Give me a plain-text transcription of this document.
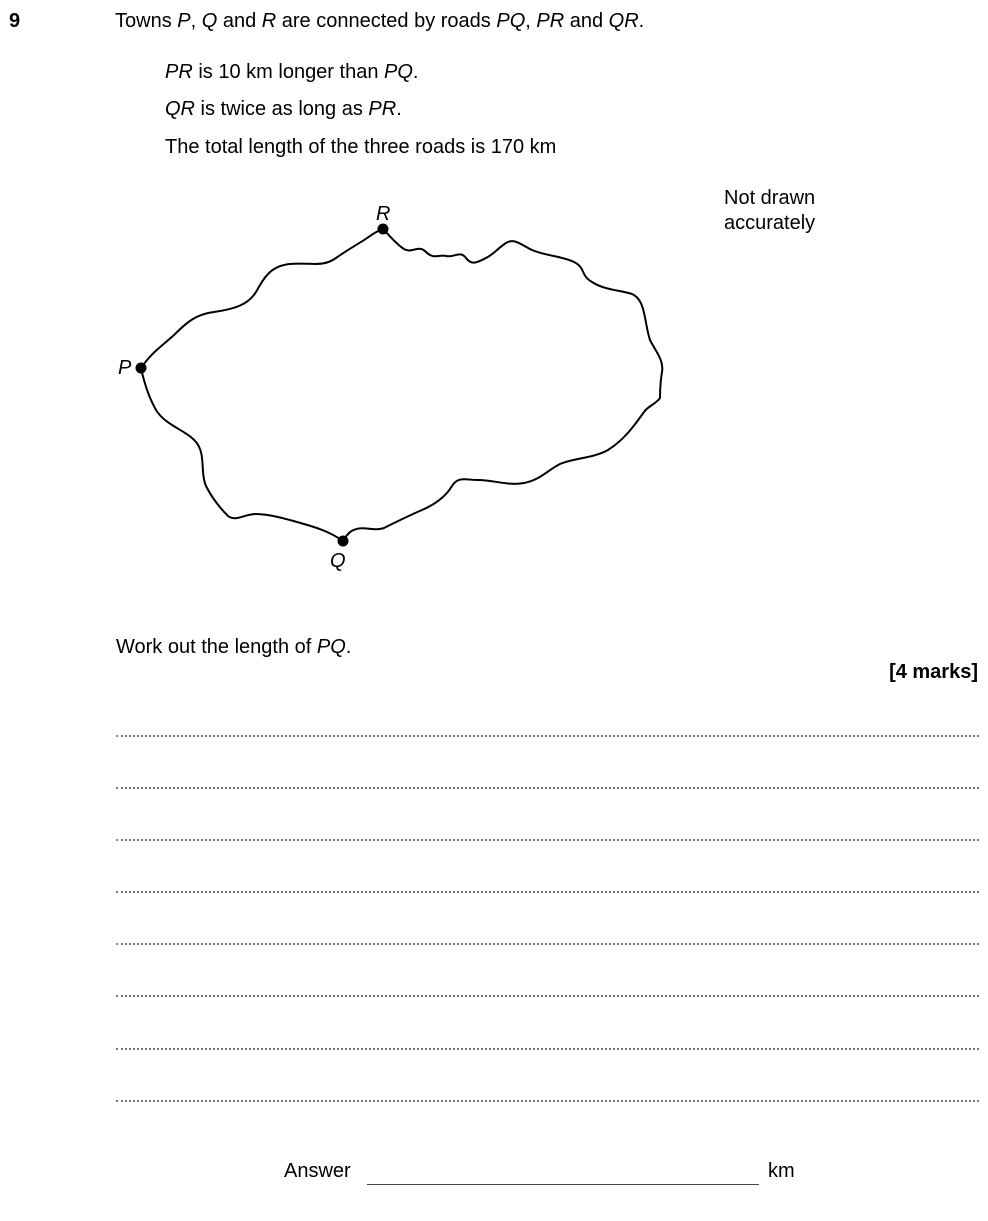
9	Towns P, Q and R are connected by roads PQ, PR and QR.
PR is 10 km longer than PQ.
QR is twice as long as PR.
The total length of the three roads is 170 km
Not drawn
accurately
P
R
Q
Work out the length of PQ.
[4 marks]
Answer	km
